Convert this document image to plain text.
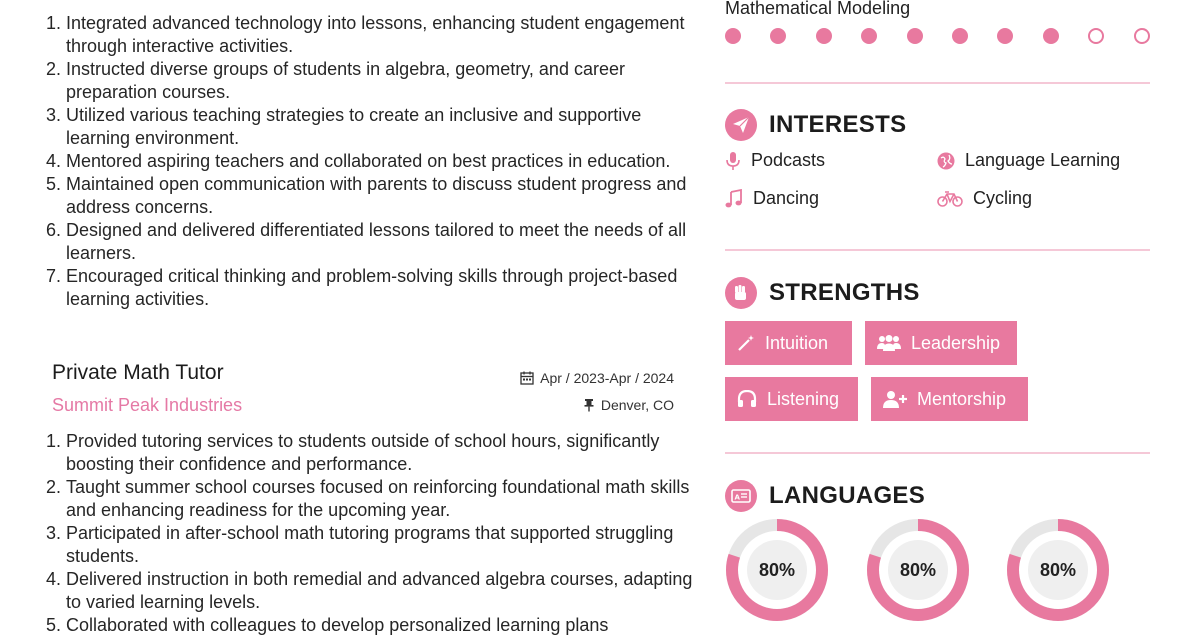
1. Integrated advanced technology into lessons, enhancing student engagement through interactive activities.
2. Instructed diverse groups of students in algebra, geometry, and career preparation courses.
3. Utilized various teaching strategies to create an inclusive and supportive learning environment.
4. Mentored aspiring teachers and collaborated on best practices in education.
5. Maintained open communication with parents to discuss student progress and address concerns.
6. Designed and delivered differentiated lessons tailored to meet the needs of all learners.
7. Encouraged critical thinking and problem-solving skills through project-based learning activities.
Private Math Tutor
Summit Peak Industries
Apr / 2023-Apr / 2024
Denver, CO
1. Provided tutoring services to students outside of school hours, significantly boosting their confidence and performance.
2. Taught summer school courses focused on reinforcing foundational math skills and enhancing readiness for the upcoming year.
3. Participated in after-school math tutoring programs that supported struggling students.
4. Delivered instruction in both remedial and advanced algebra courses, adapting to varied learning levels.
5. Collaborated with colleagues to develop personalized learning plans
Mathematical Modeling
INTERESTS
Podcasts	Language Learning
Dancing	Cycling
STRENGTHS
Intuition	Leadership
Listening	Mentorship
A LANGUAGES
80%	80%	80%
